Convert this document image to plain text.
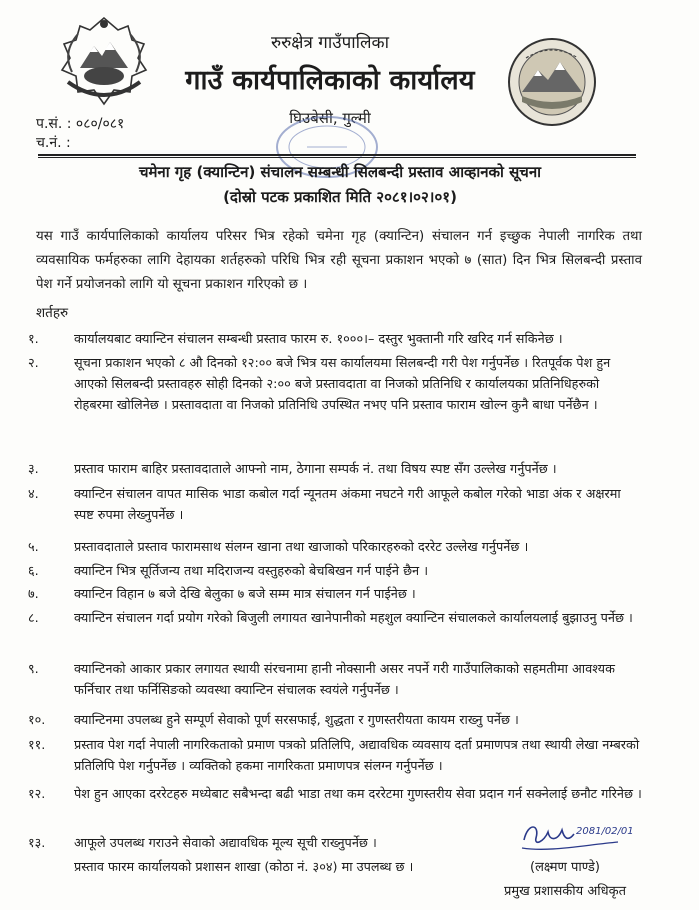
रुरुक्षेत्र गाउँपालिका
गाउँ कार्यपालिकाको कार्यालय
घिउबेसी, गुल्मी
प.सं. : ०८०/०८१
च.नं. :
चमेना गृह (क्यान्टिन) संचालन सम्बन्धी सिलबन्दी प्रस्ताव आव्हानको सूचना
(दोस्रो पटक प्रकाशित मिति २०८१।०२।०१)
यस गाउँ कार्यपालिकाको कार्यालय परिसर भित्र रहेको चमेना गृह (क्यान्टिन) संचालन गर्न इच्छुक नेपाली नागरिक तथा व्यवसायिक फर्महरुका लागि देहायका शर्तहरुको परिधि भित्र रही सूचना प्रकाशन भएको ७ (सात) दिन भित्र सिलबन्दी प्रस्ताव पेश गर्ने प्रयोजनको लागि यो सूचना प्रकाशन गरिएको छ ।
शर्तहरु
१.	कार्यालयबाट क्यान्टिन संचालन सम्बन्धी प्रस्ताव फारम रु. १०००।– दस्तुर भुक्तानी गरि खरिद गर्न सकिनेछ ।
२.	सूचना प्रकाशन भएको ८ औ दिनको १२:०० बजे भित्र यस कार्यालयमा सिलबन्दी गरी पेश गर्नुपर्नेछ । रितपूर्वक पेश हुन आएको सिलबन्दी प्रस्तावहरु सोही दिनको २:०० बजे प्रस्तावदाता वा निजको प्रतिनिधि र कार्यालयका प्रतिनिधिहरुको रोहबरमा खोलिनेछ । प्रस्तावदाता वा निजको प्रतिनिधि उपस्थित नभए पनि प्रस्ताव फाराम खोल्न कुनै बाधा पर्नेछैन ।
३.	प्रस्ताव फाराम बाहिर प्रस्तावदाताले आफ्नो नाम, ठेगाना सम्पर्क नं. तथा विषय स्पष्ट सँग उल्लेख गर्नुपर्नेछ ।
४.	क्यान्टिन संचालन वापत मासिक भाडा कबोल गर्दा न्यूनतम अंकमा नघटने गरी आफूले कबोल गरेको भाडा अंक र अक्षरमा स्पष्ट रुपमा लेख्नुपर्नेछ ।
५.	प्रस्तावदाताले प्रस्ताव फारामसाथ संलग्न खाना तथा खाजाको परिकारहरुको दररेट उल्लेख गर्नुपर्नेछ ।
६.	क्यान्टिन भित्र सूर्तिजन्य तथा मदिराजन्य वस्तुहरुको बेचबिखन गर्न पाईने छैन ।
७.	क्यान्टिन विहान ७ बजे देखि बेलुका ७ बजे सम्म मात्र संचालन गर्न पाईनेछ ।
८.	क्यान्टिन संचालन गर्दा प्रयोग गरेको बिजुली लगायत खानेपानीको महशुल क्यान्टिन संचालकले कार्यालयलाई बुझाउनु पर्नेछ ।
९.	क्यान्टिनको आकार प्रकार लगायत स्थायी संरचनामा हानी नोक्सानी असर नपर्ने गरी गाउँपालिकाको सहमतीमा आवश्यक फर्निचार तथा फर्निसिङको व्यवस्था क्यान्टिन संचालक स्वयंले गर्नुपर्नेछ ।
१०.	क्यान्टिनमा उपलब्ध हुने सम्पूर्ण सेवाको पूर्ण सरसफाई, शुद्धता र गुणस्तरीयता कायम राख्नु पर्नेछ ।
११.	प्रस्ताव पेश गर्दा नेपाली नागरिकताको प्रमाण पत्रको प्रतिलिपि, अद्यावधिक व्यवसाय दर्ता प्रमाणपत्र तथा स्थायी लेखा नम्बरको प्रतिलिपि पेश गर्नुपर्नेछ । व्यक्तिको हकमा नागरिकता प्रमाणपत्र संलग्न गर्नुपर्नेछ ।
१२.	पेश हुन आएका दररेटहरु मध्येबाट सबैभन्दा बढी भाडा तथा कम दररेटमा गुणस्तरीय सेवा प्रदान गर्न सक्नेलाई छनौट गरिनेछ ।
१३.	आफूले उपलब्ध गराउने सेवाको अद्यावधिक मूल्य सूची राख्नुपर्नेछ ।
प्रस्ताव फारम कार्यालयको प्रशासन शाखा (कोठा नं. ३०४) मा उपलब्ध छ ।
2081/02/01
(लक्ष्मण पाण्डे)
प्रमुख प्रशासकीय अधिकृत
